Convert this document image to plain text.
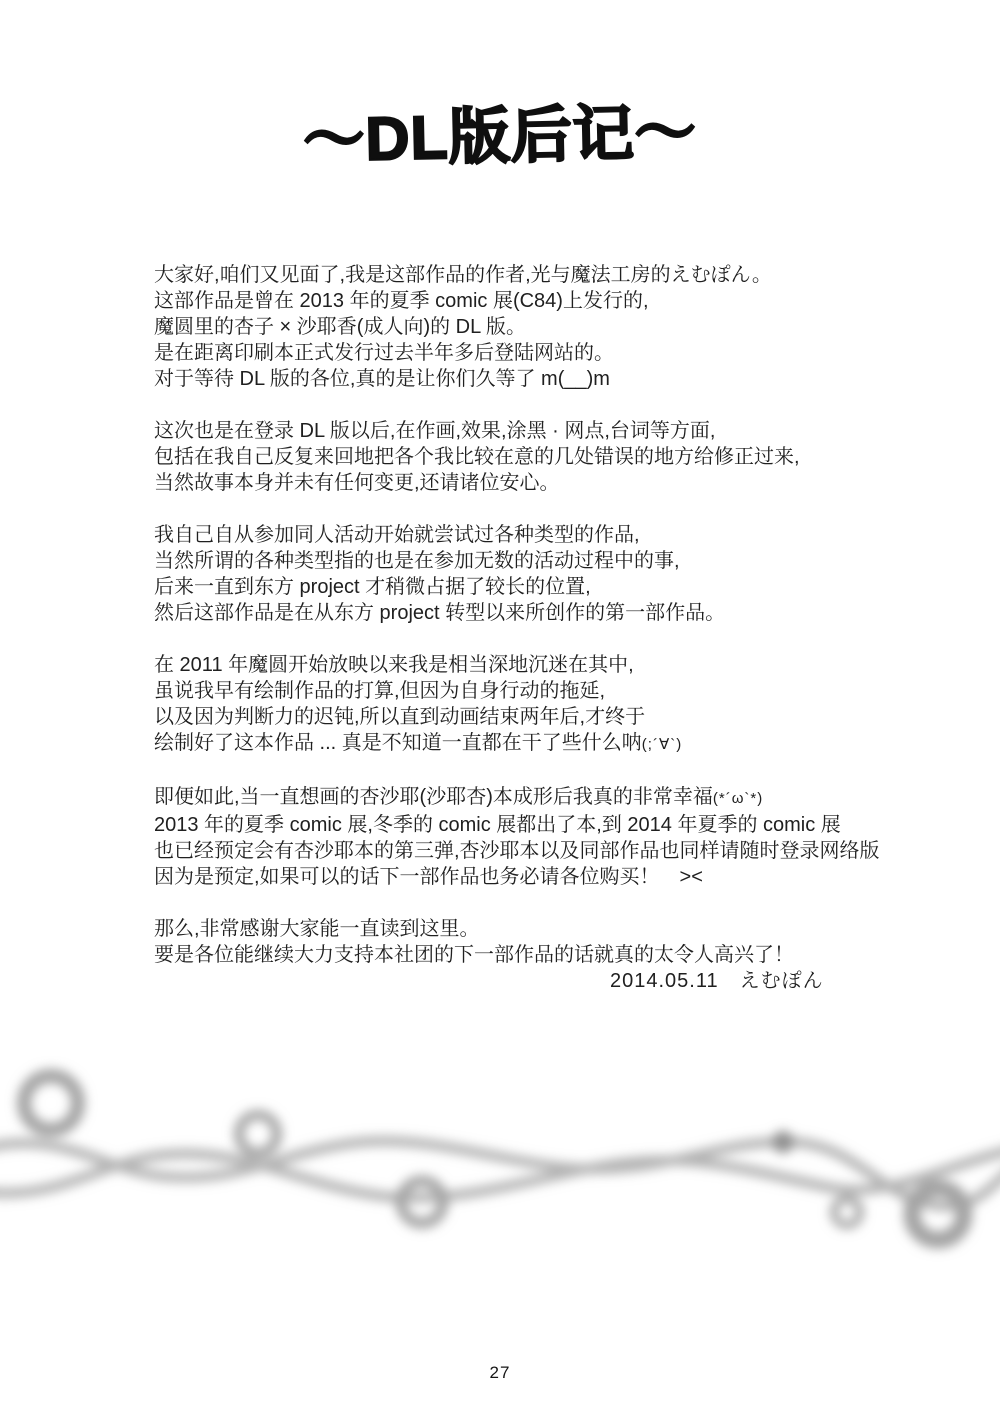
～DL版后记～
大家好,咱们又见面了,我是这部作品的作者,光与魔法工房的えむぽん。
这部作品是曾在 2013 年的夏季 comic 展(C84)上发行的,
魔圆里的杏子 × 沙耶香(成人向)的 DL 版。
是在距离印刷本正式发行过去半年多后登陆网站的。
对于等待 DL 版的各位,真的是让你们久等了 m(__)m
这次也是在登录 DL 版以后,在作画,效果,涂黑 · 网点,台词等方面,
包括在我自己反复来回地把各个我比较在意的几处错误的地方给修正过来,
当然故事本身并未有任何变更,还请诸位安心。
我自己自从参加同人活动开始就尝试过各种类型的作品,
当然所谓的各种类型指的也是在参加无数的活动过程中的事,
后来一直到东方 project 才稍微占据了较长的位置,
然后这部作品是在从东方 project 转型以来所创作的第一部作品。
在 2011 年魔圆开始放映以来我是相当深地沉迷在其中,
虽说我早有绘制作品的打算,但因为自身行动的拖延,
以及因为判断力的迟钝,所以直到动画结束两年后,才终于
绘制好了这本作品 ... 真是不知道一直都在干了些什么呐(;´∀`)
即便如此,当一直想画的杏沙耶(沙耶杏)本成形后我真的非常幸福(*´ω`*)
2013 年的夏季 comic 展,冬季的 comic 展都出了本,到 2014 年夏季的 comic 展
也已经预定会有杏沙耶本的第三弹,杏沙耶本以及同部作品也同样请随时登录网络版
因为是预定,如果可以的话下一部作品也务必请各位购买！　><
那么,非常感谢大家能一直读到这里。
要是各位能继续大力支持本社团的下一部作品的话就真的太令人高兴了！
2014.05.11　えむぽん
27
